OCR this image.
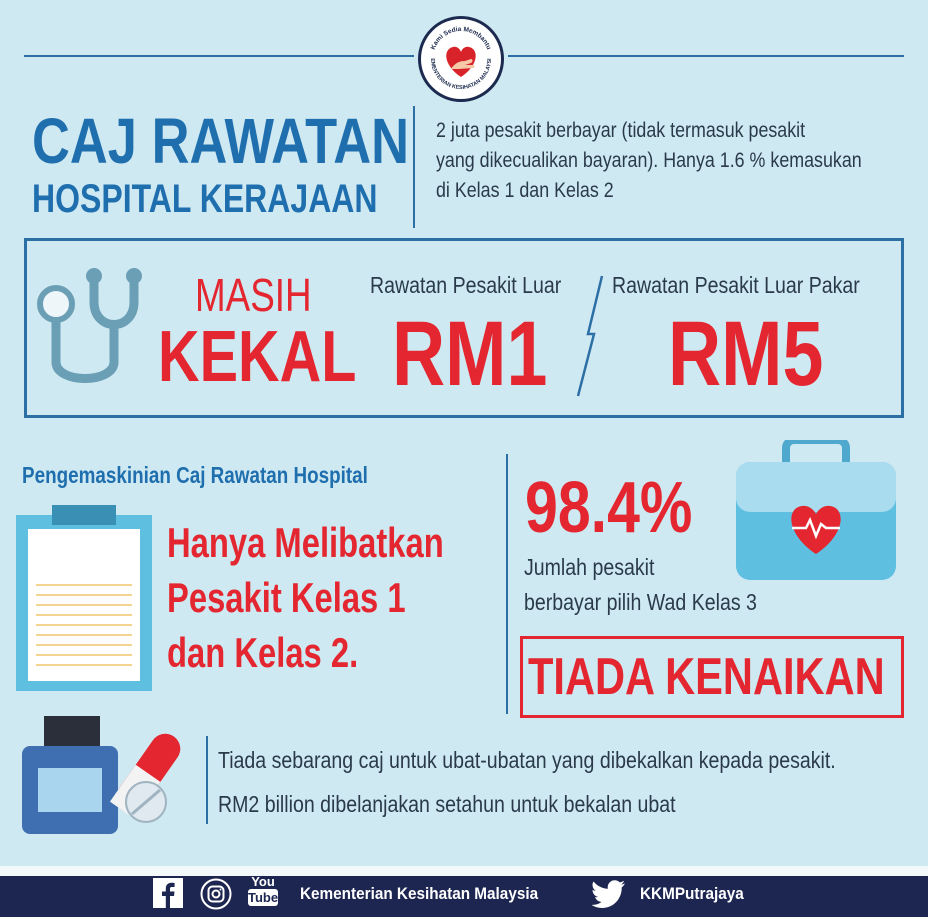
Kami Sedia Membantu
EMENTERIAN KESIHATAN MALAYSI
CAJ RAWATAN
HOSPITAL KERAJAAN
2 juta pesakit berbayar (tidak termasuk pesakit
yang dikecualikan bayaran). Hanya 1.6 % kemasukan
di Kelas 1 dan Kelas 2
MASIH
KEKAL
Rawatan Pesakit Luar
RM1
Rawatan Pesakit Luar Pakar
RM5
Pengemaskinian Caj Rawatan Hospital
Hanya Melibatkan
Pesakit Kelas 1
dan Kelas 2.
98.4%
Jumlah pesakit
berbayar pilih Wad Kelas 3
TIADA KENAIKAN
Tiada sebarang caj untuk ubat-ubatan yang dibekalkan kepada pesakit.
RM2 billion dibelanjakan setahun untuk bekalan ubat
You
Tube Kementerian Kesihatan Malaysia	KKMPutrajaya
